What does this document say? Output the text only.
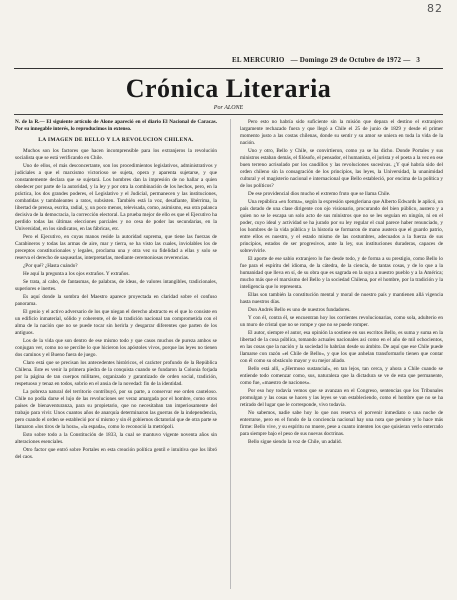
82
EL MERCURIO — Domingo 29 de Octubre de 1972 — 3
Crónica Literaria
Por ALONE

N. de la R.— El siguiente artículo de Alone apareció en el diario El Nacional de Caracas. Por su innegable interés, lo reproducimos in extenso.

LA IMAGEN DE BELLO Y LA REVOLUCION CHILENA.

Muchos son los factores que hacen incomprensible para los extranjeros la revolución socialista que se está verificando en Chile.

Uno de ellos, el más desconcertante, son los procedimientos legislativos, administrativos y judiciales a que el marxismo victorioso se sujeta, opera y aparenta sujetarse, y que constantemente declara que se sujetará. Los hombres dan la impresión de no hallar a quien obedecer por parte de la autoridad, y la ley y por otra la combinación de los hechos, pero, en la práctica, los dos grandes poderes, el Legislativo y el Judicial, permanecen y las instituciones, combatidas y tambaleantes a ratos, subsisten. También está la voz, desafiante, libérrima, la libertad de prensa, escrita, radial, y, un poco menos, televisada, como, asimismo, esa otra palanca decisiva de la democracia, la corrección electoral. La prueba mejor de ello es que el Ejecutivo ha perdido todas las últimas elecciones parciales y no cesa de poder las secundarias, en la Universidad, en los sindicatos, en las fábricas, etc.

Pero el Ejecutivo, en cuyas manos reside la autoridad suprema, que tiene las fuerzas de Carabineros y todas las armas de aire, mar y tierra, se ha visto las cuales, inviolables los de preceptos constitucionales y legales, proclama una y otra vez su fidelidad a ellas y solo se reserva el derecho de saquearlas, interpretarlas, mediante ceremoniosas reverencias.

¿Por qué? ¿Hasta cuándo?

He aquí la pregunta a los ojos extraños. Y extraños.

Se trata, al cabo, de fantasmas, de palabras, de ideas, de valores intangibles, tradicionales, superiores e inertes.

Es aquí donde la sombra del Maestro aparece proyectada en claridad sobre el confuso panorama.

El genio y el activo adversario de los que niegan el derecho abstracto es el que lo consiste en un edificio inmaterial, sólido y coherente, el de la tradición nacional tan comprometida con el alma de la nación que no se puede tocar sin herirla y desgarrar diferentes que parten de los antiguos.

Los de la vida que son dentro de ese mismo todo y que casos muchos de pureza ambos se conjugan ver, como no se percibe lo que hicieron los apóstoles vivos, porque las leyes no tienen dos caminos y el Bueno fuera de juego.

Claro está que se precisan los antecedentes históricos, el carácter profundo de la República Chilena. Este es venir la primera piedra de la conquista cuando se fundaron la Colonia forjada por la página de tan cuerpos militares, organizado y garantizado de orden social, tradición, respetuoso y tenaz en todos, sobrio en el ansia de la novedad: fin de la identidad.

La pobreza natural del territorio contribuyó, por su parte, a conservar ese orden cauteloso. Chile no podía darse el lujo de las revoluciones ser veraz amargada por el hombre, como otros países de bienaventuranza, para su propietario, que no necesitaban tan imperiosamente del trabajo para vivir. Unos cuantos años de anarquía determinaron las guerras de la independencia, pero cuando el orden se estableció por sí mismo y sin él gobiernos dictatorial que de otra parte se llamaron «los tiros de la hora», «la espada», como lo reconoció la metrópoli.

Esto sobre todo a la Constitución de 1833, la cual se mantuvo vigente noventa años sin alteraciones esenciales.

Otro factor que entró sobre Portales en esta creación política gentil e intuitiva que los libró del caos.

Pero esto no habría sido suficiente sin la misión que depara el destino el extranjero largamente rechazado fuera y que llegó a Chile el 25 de junio de 1829 y desde el primer momento justo a las costas chilenas, donde su sentir y su amor se uniera en toda la vida de la nación.

Uno y otro, Bello y Chile, se convirtieron, como ya se ha dicho. Donde Portales y sus ministros estaban demás, el filósofo, el pensador, el humanista, el jurista y el poeta a la vez en ese buen terreno acrisolado por los caudillos y las revoluciones sucesivas. ¿Y qué habría sido del orden chileno sin la consagración de los principios, las leyes, la Universidad, la unanimidad cultural y el magisterio nacional e internacional que Bello estableció, por encima de la política y de los políticos?

De ese providencial dios mucho el extremo fruto que se llama Chile.

Una república «en forma», según la expresión spengleriana que Alberto Edwards le aplicó, un país dotado de una clase dirigente con ojo visionario, procurando del bien público, austero y a quien no se le escapa un solo acto de sus ministros que no se les seguían en ningún, ni en el poder, cuyo ideal y actividad se ha jurado por su ley regular el cual parece haber renunciado, y los hombres de la vida pública y la historia se formaron de mano austera que el guardo patrio, entre ellos es nuestro, y el estado mismo de las costumbres, adecuados a la fuerza de sus principios, estados de ser progresivos, ante la ley, sus instituciones duraderas, capaces de sobrevivirle.

El aporte de ese sabio extranjero lo fue desde todo, y de forma a su prestigio, como Bello lo fue para el espíritu del idioma, de la cátedra, de la ciencia, de tantas cosas, y de lo que a la humanidad que lleva en sí, de su obra que es sagrada en la suya a nuestro pueblo y a la América; mucho más que el marxismo del Bello y la sociedad Chilena, por el hombre, por la tradición y la inteligencia que lo representa.

Ellas son también la constitución mental y moral de nuestro país y mantienen allá vigencia hasta nuestros días.

Don Andrés Bello es uno de nuestros fundadores.

Y con él, contra él, se encuentran hoy los corrientes revolucionarias, como sola, adulterio en un muro de cristal que no se rompe y que no se puede romper.

El autor, siempre el autor, esa opinión la sostiene en sus escritos Bello, es suma y suma en la libertad de la cosa pública, tomando actuales nacionales así como en el año de mil ochocientos, en las cosas que la nación y la sociedad lo habrían desde su ámbito. De aquí que ese Chile puede llamarse con razón «el Chile de Bello», y que los que anhelan transformarlo tienen que contar con él como su obstáculo mayor y su mejor aliado.

Bello está allí, «¡Hermoso sustancial», en tan lejos, tan cerca, y ahora a Chile cuando se entiende todo comenzar como, sus, naturaleza que la dictadura se ve de esta que permanente, como fue, «maestro de naciones».

Por eso hoy todavía vemos que se avanzan en el Congreso, sentencias que los Tribunales promulgan y las cosas se hacen y las leyes se van estableciendo, como el hombre que no se ha retirado del lugar que le corresponde, vivo todavía.

No sabemos, nadie sabe hoy lo que nos reserva el porvenir inmediato o una noche de enterrarse, pero en el fondo de la conciencia nacional hay una nota que persiste y lo hace más firme: Bello vive, y su espíritu no muere, pese a cuanto intenten los que quisieran verlo enterrado para siempre bajo el peso de sus nuevas doctrinas.

Bello sigue siendo la voz de Chile, un adalid.
